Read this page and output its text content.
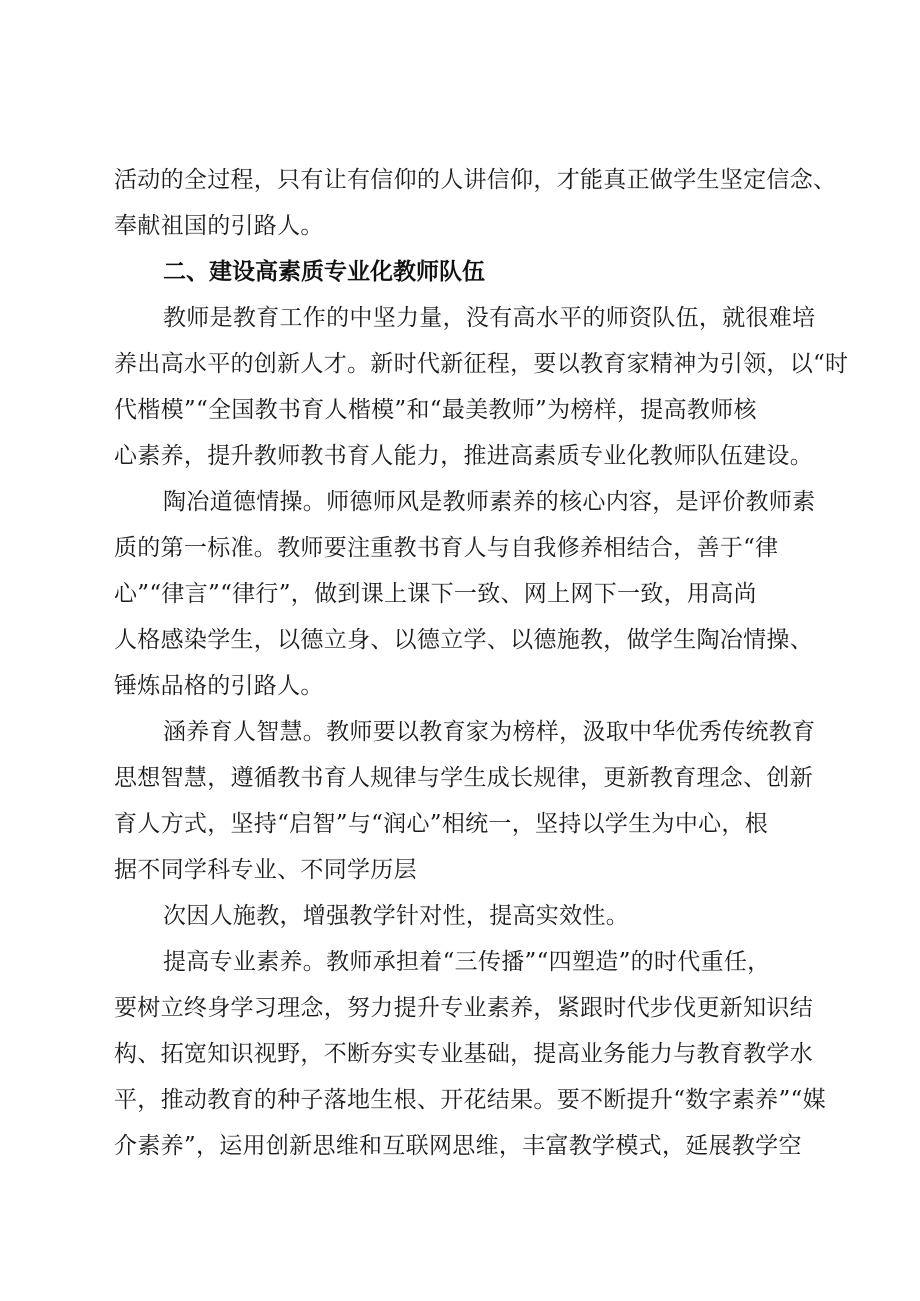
活动的全过程，只有让有信仰的人讲信仰，才能真正做学生坚定信念、
奉献祖国的引路人。
二、建设高素质专业化教师队伍
教师是教育工作的中坚力量，没有高水平的师资队伍，就很难培
养出高水平的创新人才。新时代新征程，要以教育家精神为引领，以“时
代楷模”“全国教书育人楷模”和“最美教师”为榜样，提高教师核
心素养，提升教师教书育人能力，推进高素质专业化教师队伍建设。
陶冶道德情操。师德师风是教师素养的核心内容，是评价教师素
质的第一标准。教师要注重教书育人与自我修养相结合，善于“律
心”“律言”“律行”，做到课上课下一致、网上网下一致，用高尚
人格感染学生，以德立身、以德立学、以德施教，做学生陶冶情操、
锤炼品格的引路人。
涵养育人智慧。教师要以教育家为榜样，汲取中华优秀传统教育
思想智慧，遵循教书育人规律与学生成长规律，更新教育理念、创新
育人方式，坚持“启智”与“润心”相统一，坚持以学生为中心，根
据不同学科专业、不同学历层
次因人施教，增强教学针对性，提高实效性。
提高专业素养。教师承担着“三传播”“四塑造”的时代重任，
要树立终身学习理念，努力提升专业素养，紧跟时代步伐更新知识结
构、拓宽知识视野，不断夯实专业基础，提高业务能力与教育教学水
平，推动教育的种子落地生根、开花结果。要不断提升“数字素养”“媒
介素养”，运用创新思维和互联网思维，丰富教学模式，延展教学空
